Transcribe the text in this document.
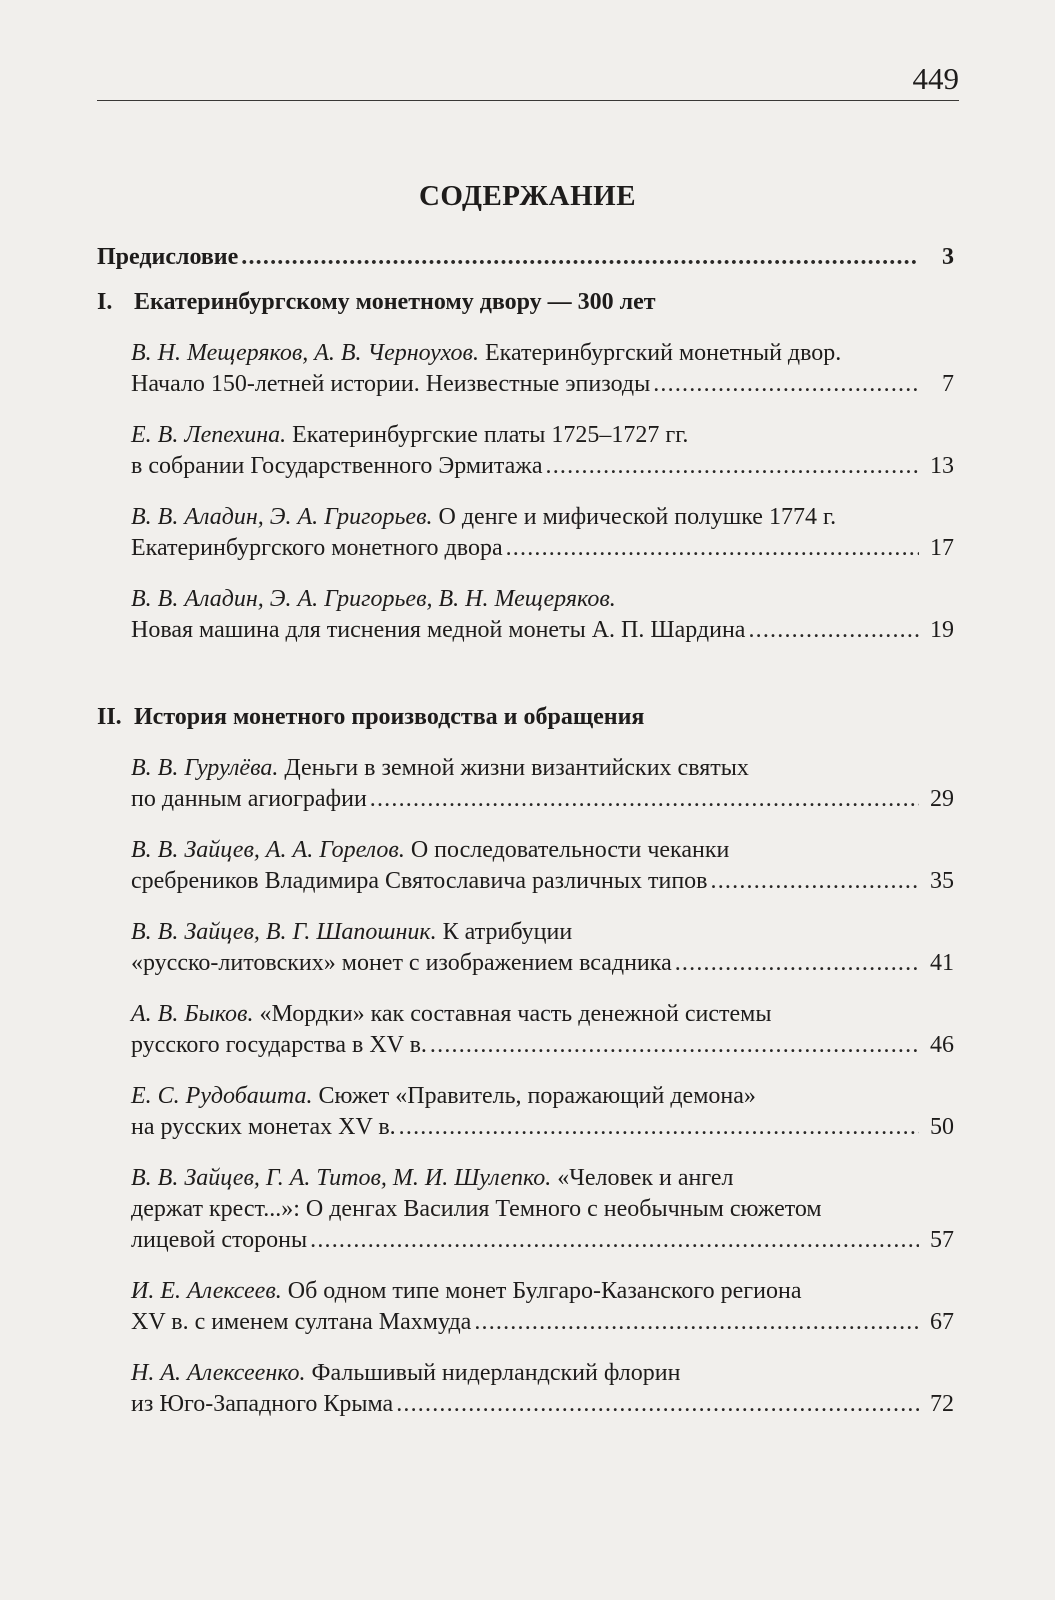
449
СОДЕРЖАНИЕ
Предисловие .....	3
I. Екатеринбургскому монетному двору — 300 лет
В. Н. Мещеряков, А. В. Черноухов. Екатеринбургский монетный двор.
Начало 150-летней истории. Неизвестные эпизоды .....	7
Е. В. Лепехина. Екатеринбургские платы 1725–1727 гг.
в собрании Государственного Эрмитажа .....	13
В. В. Аладин, Э. А. Григорьев. О денге и мифической полушке 1774 г.
Екатеринбургского монетного двора .....	17
В. В. Аладин, Э. А. Григорьев, В. Н. Мещеряков.
Новая машина для тиснения медной монеты А. П. Шардина .....	19
II. История монетного производства и обращения
В. В. Гурулёва. Деньги в земной жизни византийских святых
по данным агиографии .....	29
В. В. Зайцев, А. А. Горелов. О последовательности чеканки
сребреников Владимира Святославича различных типов .....	35
В. В. Зайцев, В. Г. Шапошник. К атрибуции
«русско-литовских» монет с изображением всадника .....	41
А. В. Быков. «Мордки» как составная часть денежной системы
русского государства в XV в. .....	46
Е. С. Рудобашта. Сюжет «Правитель, поражающий демона»
на русских монетах XV в. .....	50
В. В. Зайцев, Г. А. Титов, М. И. Шулепко. «Человек и ангел
держат крест...»: О денгах Василия Темного с необычным сюжетом
лицевой стороны .....	57
И. Е. Алексеев. Об одном типе монет Булгаро-Казанского региона
XV в. с именем султана Махмуда .....	67
Н. А. Алексеенко. Фальшивый нидерландский флорин
из Юго-Западного Крыма .....	72
